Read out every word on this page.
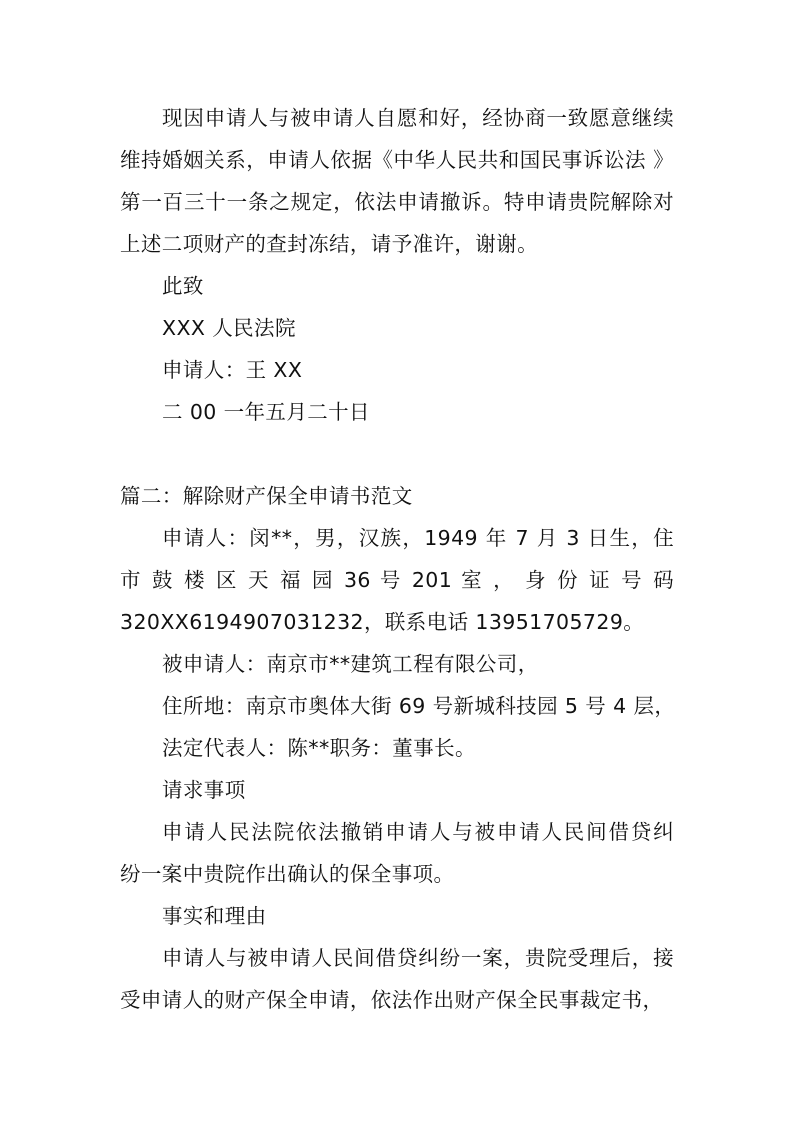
现因申请人与被申请人自愿和好，经协商一致愿意继续
维持婚姻关系，申请人依据《中华人民共和国民事诉讼法 》
第一百三十一条之规定，依法申请撤诉。特申请贵院解除对
上述二项财产的查封冻结，请予准许，谢谢。
此致
XXX 人民法院
申请人：王 XX
二 00 一年五月二十日
篇二：解除财产保全申请书范文
申请人：闵**，男，汉族，1949 年 7 月 3 日生，住
市 鼓 楼 区 天 福 园 36 号 201 室 ， 身 份 证 号 码
320XX6194907031232，联系电话 13951705729。
被申请人：南京市**建筑工程有限公司，
住所地：南京市奥体大街 69 号新城科技园 5 号 4 层，
法定代表人：陈**职务：董事长。
请求事项
申请人民法院依法撤销申请人与被申请人民间借贷纠
纷一案中贵院作出确认的保全事项。
事实和理由
申请人与被申请人民间借贷纠纷一案，贵院受理后，接
受申请人的财产保全申请，依法作出财产保全民事裁定书，
